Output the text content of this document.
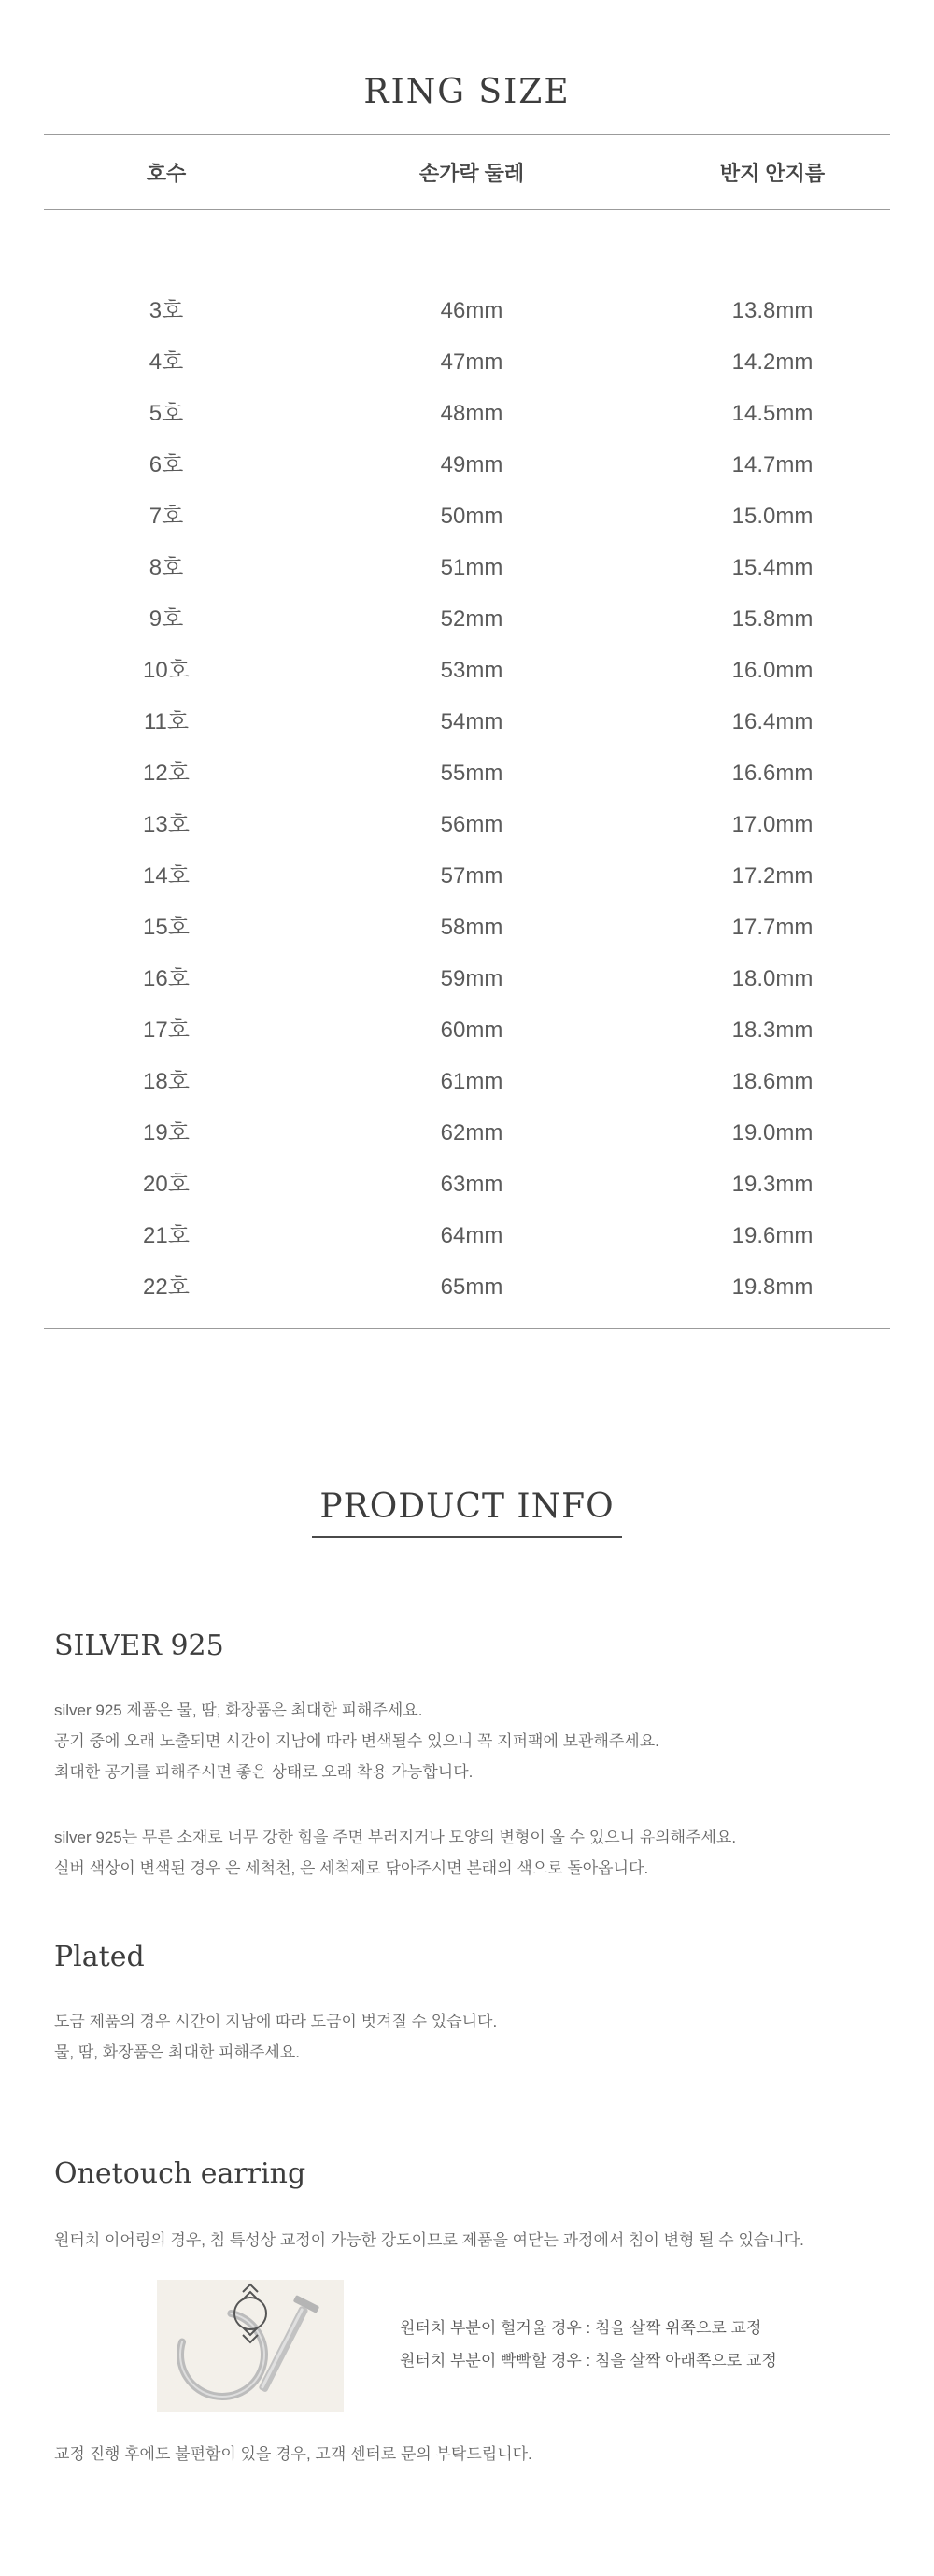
RING SIZE
호수	손가락 둘레	반지 안지름
3호	46mm	13.8mm
4호	47mm	14.2mm
5호	48mm	14.5mm
6호	49mm	14.7mm
7호	50mm	15.0mm
8호	51mm	15.4mm
9호	52mm	15.8mm
10호	53mm	16.0mm
11호	54mm	16.4mm
12호	55mm	16.6mm
13호	56mm	17.0mm
14호	57mm	17.2mm
15호	58mm	17.7mm
16호	59mm	18.0mm
17호	60mm	18.3mm
18호	61mm	18.6mm
19호	62mm	19.0mm
20호	63mm	19.3mm
21호	64mm	19.6mm
22호	65mm	19.8mm
PRODUCT INFO
SILVER 925

silver 925 제품은 물, 땀, 화장품은 최대한 피해주세요.

공기 중에 오래 노출되면 시간이 지남에 따라 변색될수 있으니 꼭 지퍼팩에 보관해주세요.

최대한 공기를 피해주시면 좋은 상태로 오래 착용 가능합니다.

silver 925는 무른 소재로 너무 강한 힘을 주면 부러지거나 모양의 변형이 올 수 있으니 유의해주세요.

실버 색상이 변색된 경우 은 세척천, 은 세척제로 닦아주시면 본래의 색으로 돌아옵니다.

Plated

도금 제품의 경우 시간이 지남에 따라 도금이 벗겨질 수 있습니다.

물, 땀, 화장품은 최대한 피해주세요.

Onetouch earring

원터치 이어링의 경우, 침 특성상 교정이 가능한 강도이므로 제품을 여닫는 과정에서 침이 변형 될 수 있습니다.

원터치 부분이 헐거울 경우 : 침을 살짝 위쪽으로 교정

원터치 부분이 빡빡할 경우 : 침을 살짝 아래쪽으로 교정

교정 진행 후에도 불편함이 있을 경우, 고객 센터로 문의 부탁드립니다.
